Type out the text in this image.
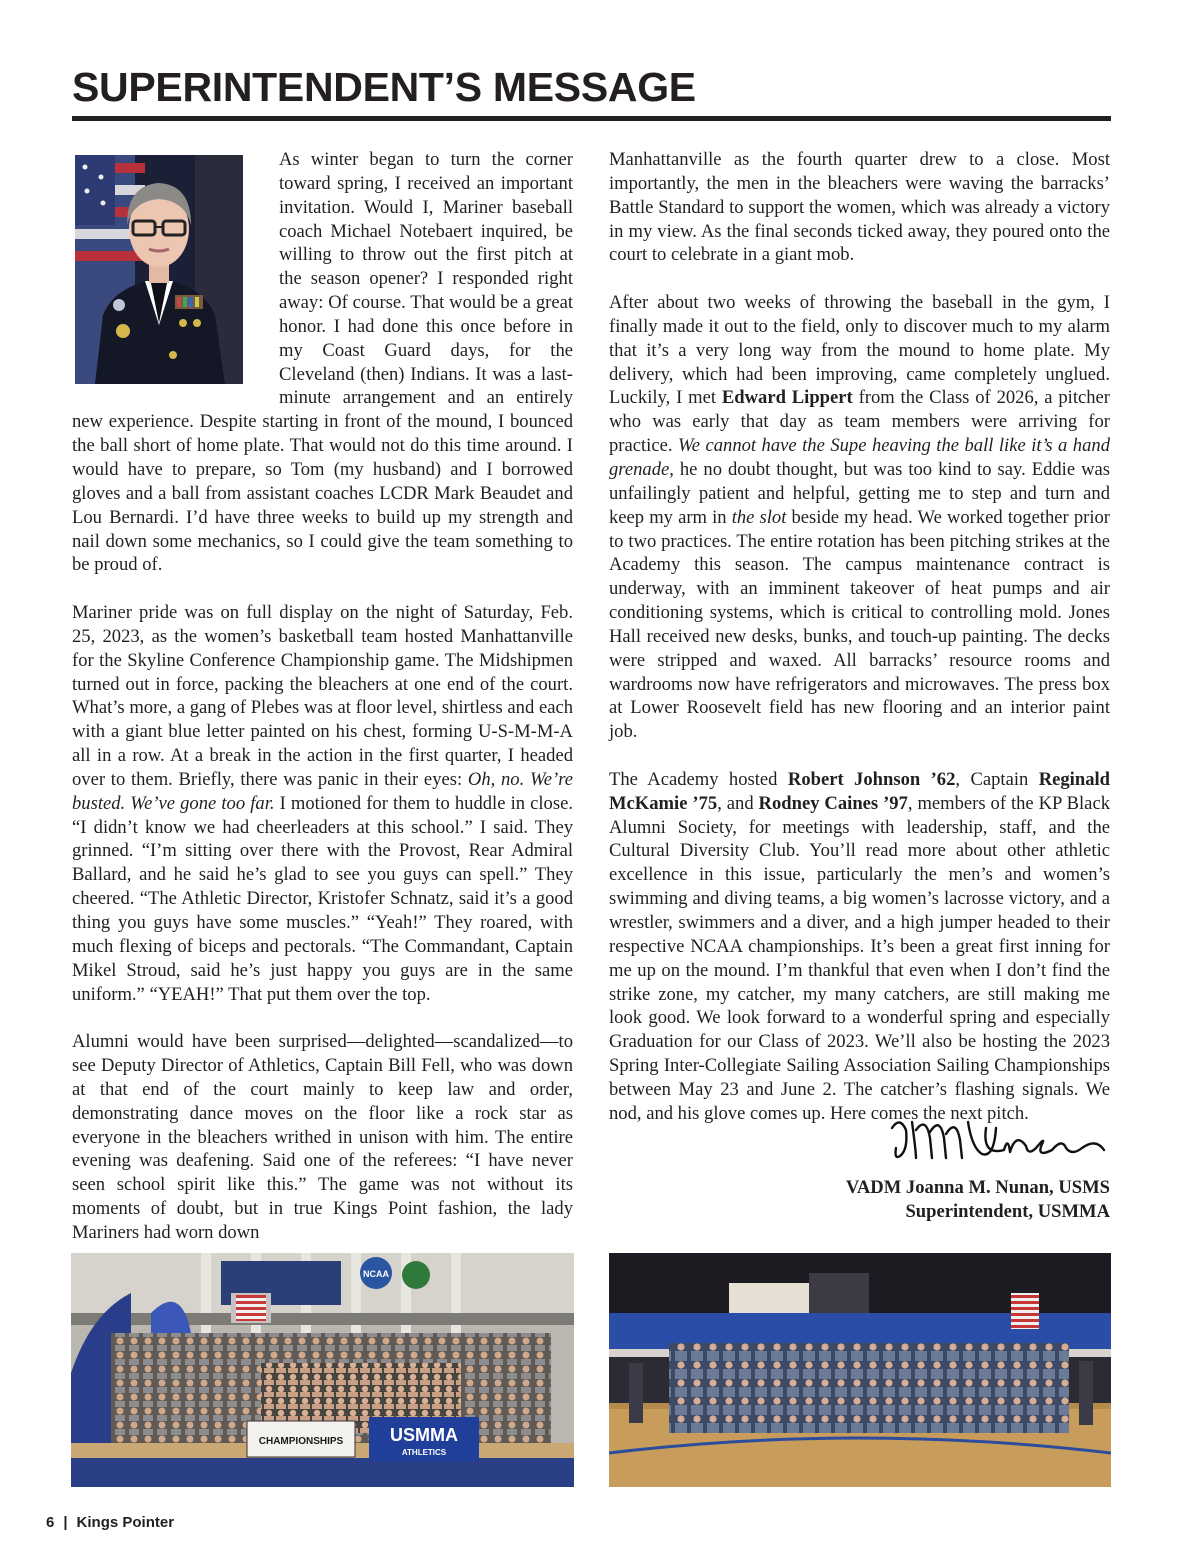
SUPERINTENDENT’S MESSAGE

As winter began to turn the corner toward spring, I received an important invitation. Would I, Mariner baseball coach Michael Notebaert inquired, be willing to throw out the first pitch at the season opener? I responded right away: Of course. That would be a great honor. I had done this once before in my Coast Guard days, for the Cleveland (then) Indians. It was a last-minute arrangement and an entirely new experience. Despite starting in front of the mound, I bounced the ball short of home plate. That would not do this time around. I would have to prepare, so Tom (my husband) and I borrowed gloves and a ball from assistant coaches LCDR Mark Beaudet and Lou Bernardi. I’d have three weeks to build up my strength and nail down some mechanics, so I could give the team something to be proud of.

Mariner pride was on full display on the night of Saturday, Feb. 25, 2023, as the women’s basketball team hosted Manhattanville for the Skyline Conference Championship game. The Midshipmen turned out in force, packing the bleachers at one end of the court. What’s more, a gang of Plebes was at floor level, shirtless and each with a giant blue letter painted on his chest, forming U-S-M-M-A all in a row. At a break in the action in the first quarter, I headed over to them. Briefly, there was panic in their eyes: Oh, no. We’re busted. We’ve gone too far. I motioned for them to huddle in close. “I didn’t know we had cheerleaders at this school.” I said. They grinned. “I’m sitting over there with the Provost, Rear Admiral Ballard, and he said he’s glad to see you guys can spell.” They cheered. “The Athletic Director, Kristofer Schnatz, said it’s a good thing you guys have some muscles.” “Yeah!” They roared, with much flexing of biceps and pectorals. “The Commandant, Captain Mikel Stroud, said he’s just happy you guys are in the same uniform.” “YEAH!” That put them over the top.

Alumni would have been surprised—delighted—scandalized—to see Deputy Director of Athletics, Captain Bill Fell, who was down at that end of the court mainly to keep law and order, demonstrating dance moves on the floor like a rock star as everyone in the bleachers writhed in unison with him. The entire evening was deafening. Said one of the referees: “I have never seen school spirit like this.” The game was not without its moments of doubt, but in true Kings Point fashion, the lady Mariners had worn down

Manhattanville as the fourth quarter drew to a close. Most importantly, the men in the bleachers were waving the barracks’ Battle Standard to support the women, which was already a victory in my view. As the final seconds ticked away, they poured onto the court to celebrate in a giant mob.

After about two weeks of throwing the baseball in the gym, I finally made it out to the field, only to discover much to my alarm that it’s a very long way from the mound to home plate. My delivery, which had been improving, came completely unglued. Luckily, I met Edward Lippert from the Class of 2026, a pitcher who was early that day as team members were arriving for practice. We cannot have the Supe heaving the ball like it’s a hand grenade, he no doubt thought, but was too kind to say. Eddie was unfailingly patient and helpful, getting me to step and turn and keep my arm in the slot beside my head. We worked together prior to two practices. The entire rotation has been pitching strikes at the Academy this season. The campus maintenance contract is underway, with an imminent takeover of heat pumps and air conditioning systems, which is critical to controlling mold. Jones Hall received new desks, bunks, and touch-up painting. The decks were stripped and waxed. All barracks’ resource rooms and wardrooms now have refrigerators and microwaves. The press box at Lower Roosevelt field has new flooring and an interior paint job.

The Academy hosted Robert Johnson ’62, Captain Reginald McKamie ’75, and Rodney Caines ’97, members of the KP Black Alumni Society, for meetings with leadership, staff, and the Cultural Diversity Club. You’ll read more about other athletic excellence in this issue, particularly the men’s and women’s swimming and diving teams, a big women’s lacrosse victory, and a wrestler, swimmers and a diver, and a high jumper headed to their respective NCAA championships. It’s been a great first inning for me up on the mound. I’m thankful that even when I don’t find the strike zone, my catcher, my many catchers, are still making me look good. We look forward to a wonderful spring and especially Graduation for our Class of 2023. We’ll also be hosting the 2023 Spring Inter-Collegiate Sailing Association Sailing Championships between May 23 and June 2. The catcher’s flashing signals. We nod, and his glove comes up. Here comes the next pitch.

VADM Joanna M. Nunan, USMS
Superintendent, USMMA
NCAA
CHAMPIONSHIPS	USMMA
ATHLETICS
6 | Kings Pointer
